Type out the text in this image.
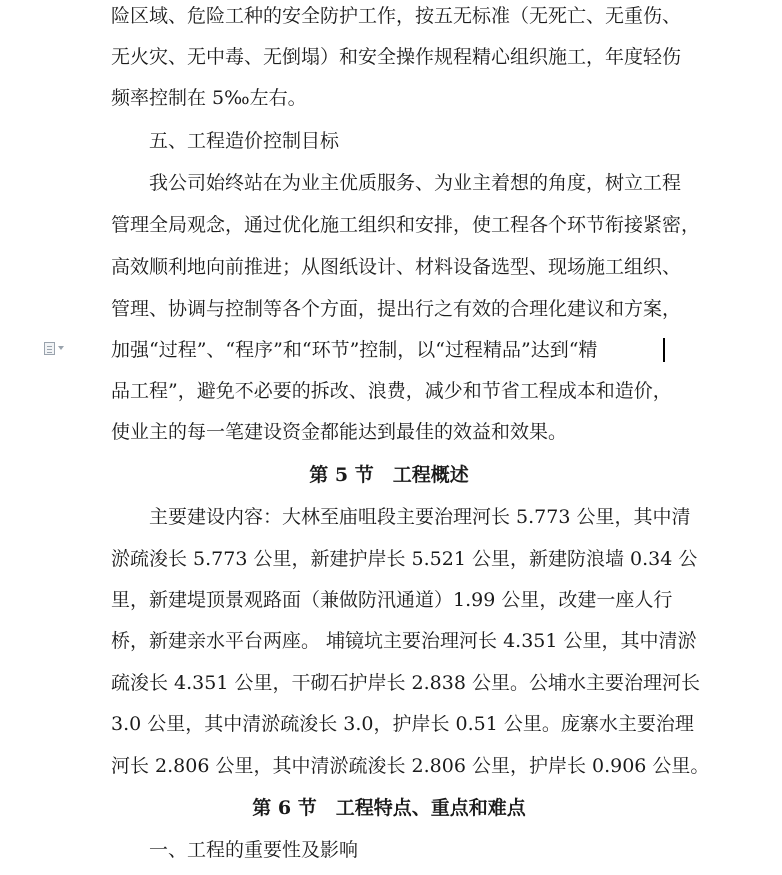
险区域、危险工种的安全防护工作，按五无标准（无死亡、无重伤、
无火灾、无中毒、无倒塌）和安全操作规程精心组织施工，年度轻伤
频率控制在 5‰左右。
五、工程造价控制目标
我公司始终站在为业主优质服务、为业主着想的角度，树立工程
管理全局观念，通过优化施工组织和安排，使工程各个环节衔接紧密，
高效顺利地向前推进；从图纸设计、材料设备选型、现场施工组织、
管理、协调与控制等各个方面，提出行之有效的合理化建议和方案，
加强“过程”、“程序”和“环节”控制，以“过程精品”达到“精
品工程”，避免不必要的拆改、浪费，减少和节省工程成本和造价，
使业主的每一笔建设资金都能达到最佳的效益和效果。
第 5 节　工程概述
主要建设内容：大林至庙咀段主要治理河长 5.773 公里，其中清
淤疏浚长 5.773 公里，新建护岸长 5.521 公里，新建防浪墙 0.34 公
里，新建堤顶景观路面（兼做防汛通道）1.99 公里，改建一座人行
桥，新建亲水平台两座。 埔镜坑主要治理河长 4.351 公里，其中清淤
疏浚长 4.351 公里，干砌石护岸长 2.838 公里。公埔水主要治理河长
3.0 公里，其中清淤疏浚长 3.0，护岸长 0.51 公里。庞寨水主要治理
河长 2.806 公里，其中清淤疏浚长 2.806 公里，护岸长 0.906 公里。
第 6 节　工程特点、重点和难点
一、工程的重要性及影响
